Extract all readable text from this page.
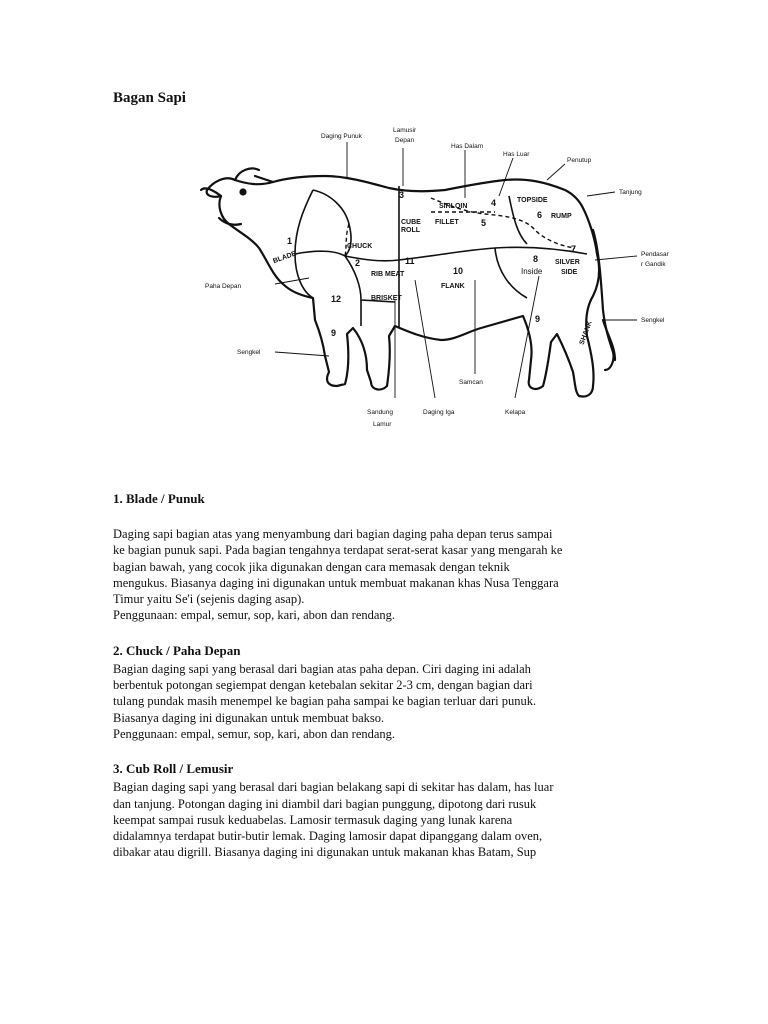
Bagan Sapi
Daging Punuk
Lamusir
Depan
Has Dalam
Has Luar
Penutup
Tanjung
Pendasar
r Gandik
Paha Depan
Sengkel
Sengkel
Samcan
Sandung
Lamur
Daging Iga	Kelapa
BLADE
CHUCK
CUBE
ROLL
SIRLOIN
FILLET
TOPSIDE
RUMP
SILVER
SIDE
Inside
RIB MEAT
FLANK
BRISKET
SHANK
1
2
3
4
5
6
7
8
9
9
10
11
12
1. Blade / Punuk

Daging sapi bagian atas yang menyambung dari bagian daging paha depan terus sampai
ke bagian punuk sapi. Pada bagian tengahnya terdapat serat-serat kasar yang mengarah ke
bagian bawah, yang cocok jika digunakan dengan cara memasak dengan teknik
mengukus. Biasanya daging ini digunakan untuk membuat makanan khas Nusa Tenggara
Timur yaitu Se'i (sejenis daging asap).
Penggunaan: empal, semur, sop, kari, abon dan rendang.

2. Chuck / Paha Depan

Bagian daging sapi yang berasal dari bagian atas paha depan. Ciri daging ini adalah
berbentuk potongan segiempat dengan ketebalan sekitar 2-3 cm, dengan bagian dari
tulang pundak masih menempel ke bagian paha sampai ke bagian terluar dari punuk.
Biasanya daging ini digunakan untuk membuat bakso.
Penggunaan: empal, semur, sop, kari, abon dan rendang.

3. Cub Roll / Lemusir

Bagian daging sapi yang berasal dari bagian belakang sapi di sekitar has dalam, has luar
dan tanjung. Potongan daging ini diambil dari bagian punggung, dipotong dari rusuk
keempat sampai rusuk keduabelas. Lamosir termasuk daging yang lunak karena
didalamnya terdapat butir-butir lemak. Daging lamosir dapat dipanggang dalam oven,
dibakar atau digrill. Biasanya daging ini digunakan untuk makanan khas Batam, Sup
